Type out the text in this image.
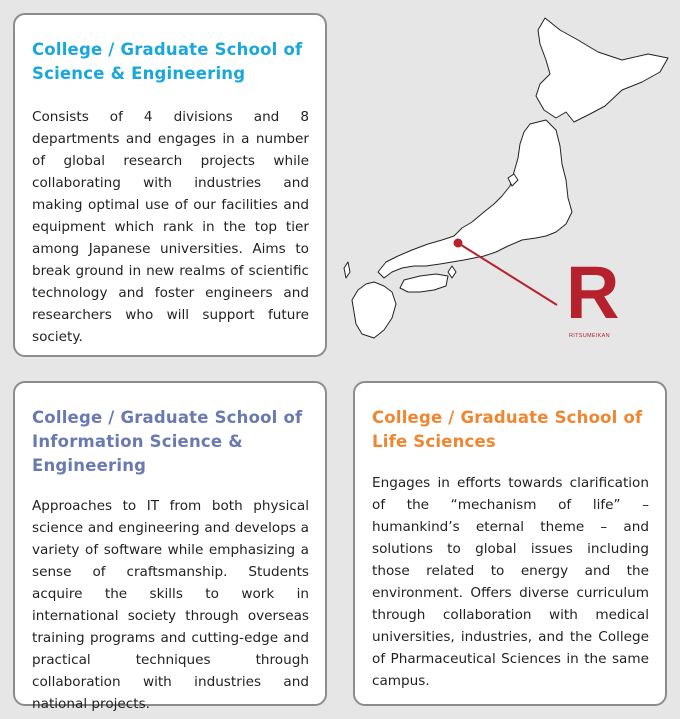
College / Graduate School of Science & Engineering

Consists of 4 divisions and 8 departments and engages in a number of global research projects while collaborating with industries and making optimal use of our facilities and equipment which rank in the top tier among Japanese universities. Aims to break ground in new realms of scientific technology and foster engineers and researchers who will support future society.

College / Graduate School of Information Science & Engineering

Approaches to IT from both physical science and engineering and develops a variety of software while emphasizing a sense of craftsmanship. Students acquire the skills to work in international society through overseas training programs and cutting-edge and practical techniques through collaboration with industries and national projects.

College / Graduate School of Life Sciences

Engages in efforts towards clarification of the “mechanism of life” – humankind’s eternal theme – and solutions to global issues including those related to energy and the environment. Offers diverse curriculum through collaboration with medical universities, industries, and the College of Pharmaceutical Sciences in the same campus.

R
RITSUMEIKAN
